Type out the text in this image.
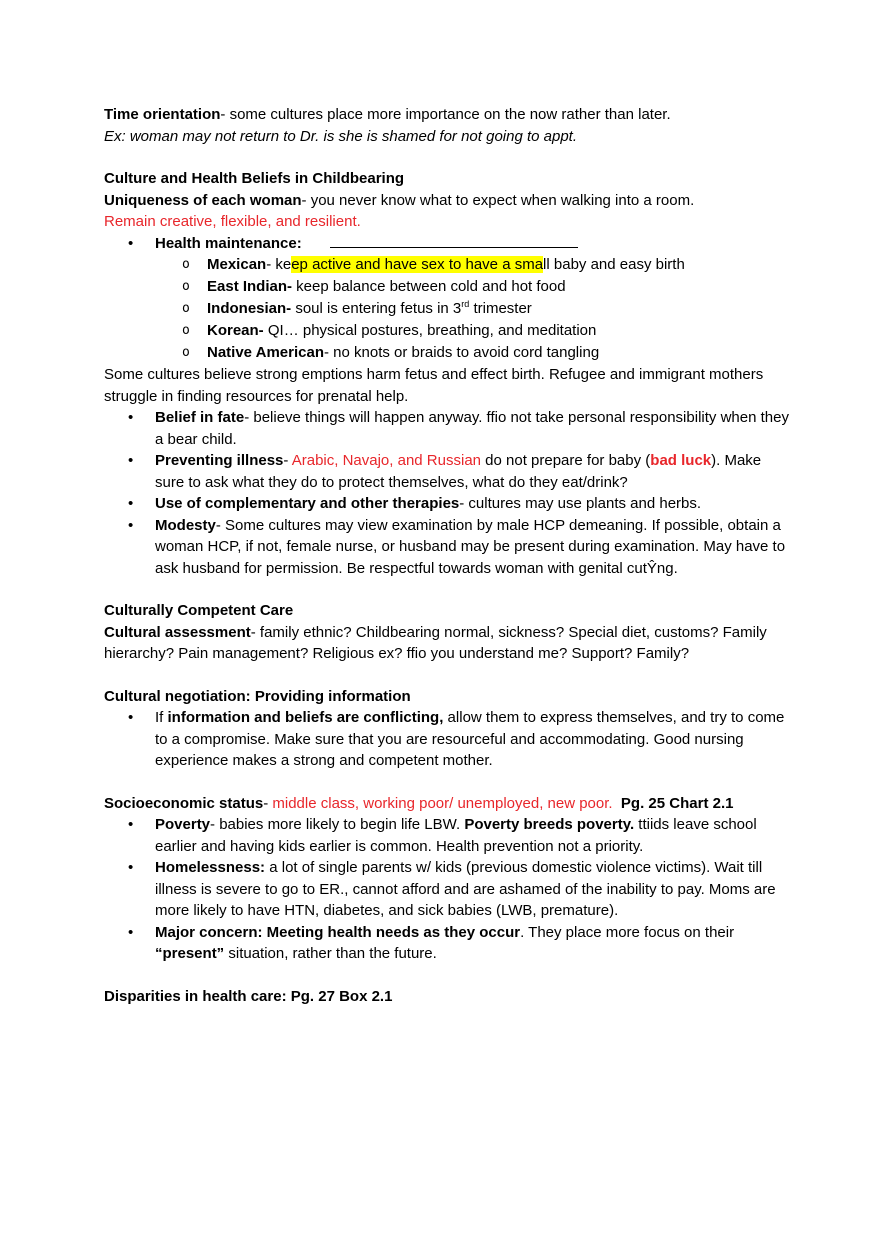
Time orientation- some cultures place more importance on the now rather than later.

Ex: woman may not return to Dr. is she is shamed for not going to appt.

Culture and Health Beliefs in Childbearing

Uniqueness of each woman- you never know what to expect when walking into a room.

Remain creative, flexible, and resilient.

• Health maintenance:
o Mexican- keep active and have sex to have a small baby and easy birth
o East Indian- keep balance between cold and hot food
o Indonesian- soul is entering fetus in 3rd trimester
o Korean- QI… physical postures, breathing, and meditation
o Native American- no knots or braids to avoid cord tangling

Some cultures believe strong emptions harm fetus and effect birth. Refugee and immigrant mothers struggle in finding resources for prenatal help.

• Belief in fate- believe things will happen anyway. ffio not take personal responsibility when they a bear child.
• Preventing illness- Arabic, Navajo, and Russian do not prepare for baby (bad luck). Make sure to ask what they do to protect themselves, what do they eat/drink?
• Use of complementary and other therapies- cultures may use plants and herbs.
• Modesty- Some cultures may view examination by male HCP demeaning. If possible, obtain a woman HCP, if not, female nurse, or husband may be present during examination. May have to ask husband for permission. Be respectful towards woman with genital cutŶng.

Culturally Competent Care

Cultural assessment- family ethnic? Childbearing normal, sickness? Special diet, customs? Family hierarchy? Pain management? Religious ex? ffio you understand me? Support? Family?

Cultural negotiation: Providing information

• If information and beliefs are conflicting, allow them to express themselves, and try to come to a compromise. Make sure that you are resourceful and accommodating. Good nursing experience makes a strong and competent mother.

Socioeconomic status- middle class, working poor/ unemployed, new poor. Pg. 25 Chart 2.1

• Poverty- babies more likely to begin life LBW. Poverty breeds poverty. ttiids leave school earlier and having kids earlier is common. Health prevention not a priority.
• Homelessness: a lot of single parents w/ kids (previous domestic violence victims). Wait till illness is severe to go to ER., cannot afford and are ashamed of the inability to pay. Moms are more likely to have HTN, diabetes, and sick babies (LWB, premature).
• Major concern: Meeting health needs as they occur. They place more focus on their “present” situation, rather than the future.

Disparities in health care: Pg. 27 Box 2.1
